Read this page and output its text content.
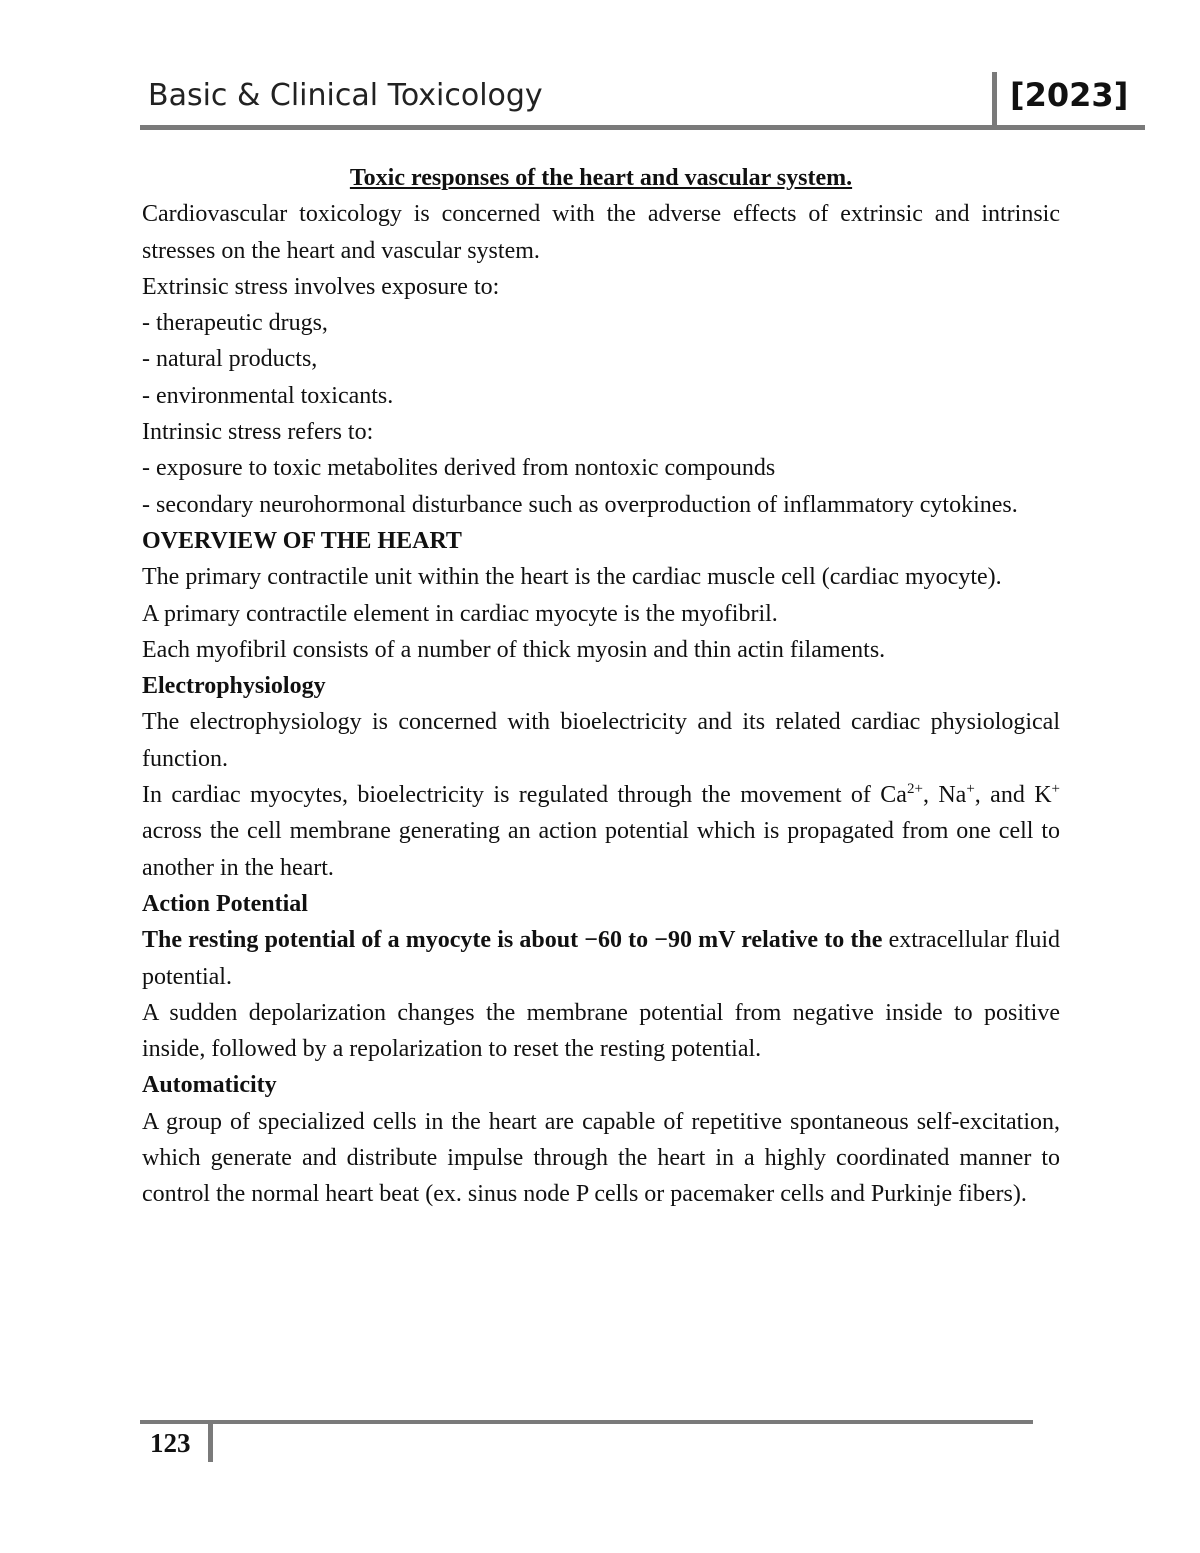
Basic & Clinical Toxicology	[2023]

Toxic responses of the heart and vascular system.

Cardiovascular toxicology is concerned with the adverse effects of extrinsic and intrinsic stresses on the heart and vascular system.

Extrinsic stress involves exposure to:

- therapeutic drugs,

- natural products,

- environmental toxicants.

Intrinsic stress refers to:

- exposure to toxic metabolites derived from nontoxic compounds

- secondary neurohormonal disturbance such as overproduction of inflammatory cytokines.

OVERVIEW OF THE HEART

The primary contractile unit within the heart is the cardiac muscle cell (cardiac myocyte).

A primary contractile element in cardiac myocyte is the myofibril.

Each myofibril consists of a number of thick myosin and thin actin filaments.

Electrophysiology

The electrophysiology is concerned with bioelectricity and its related cardiac physiological function.

In cardiac myocytes, bioelectricity is regulated through the movement of $Ca^{2+}$, Na+, and K+ across the cell membrane generating an action potential which is propagated from one cell to another in the heart.

Action Potential

The resting potential of a myocyte is about −60 to −90 mV relative to the extracellular fluid potential.

A sudden depolarization changes the membrane potential from negative inside to positive inside, followed by a repolarization to reset the resting potential.

Automaticity

A group of specialized cells in the heart are capable of repetitive spontaneous self-excitation, which generate and distribute impulse through the heart in a highly coordinated manner to control the normal heart beat (ex. sinus node P cells or pacemaker cells and Purkinje fibers).

123
